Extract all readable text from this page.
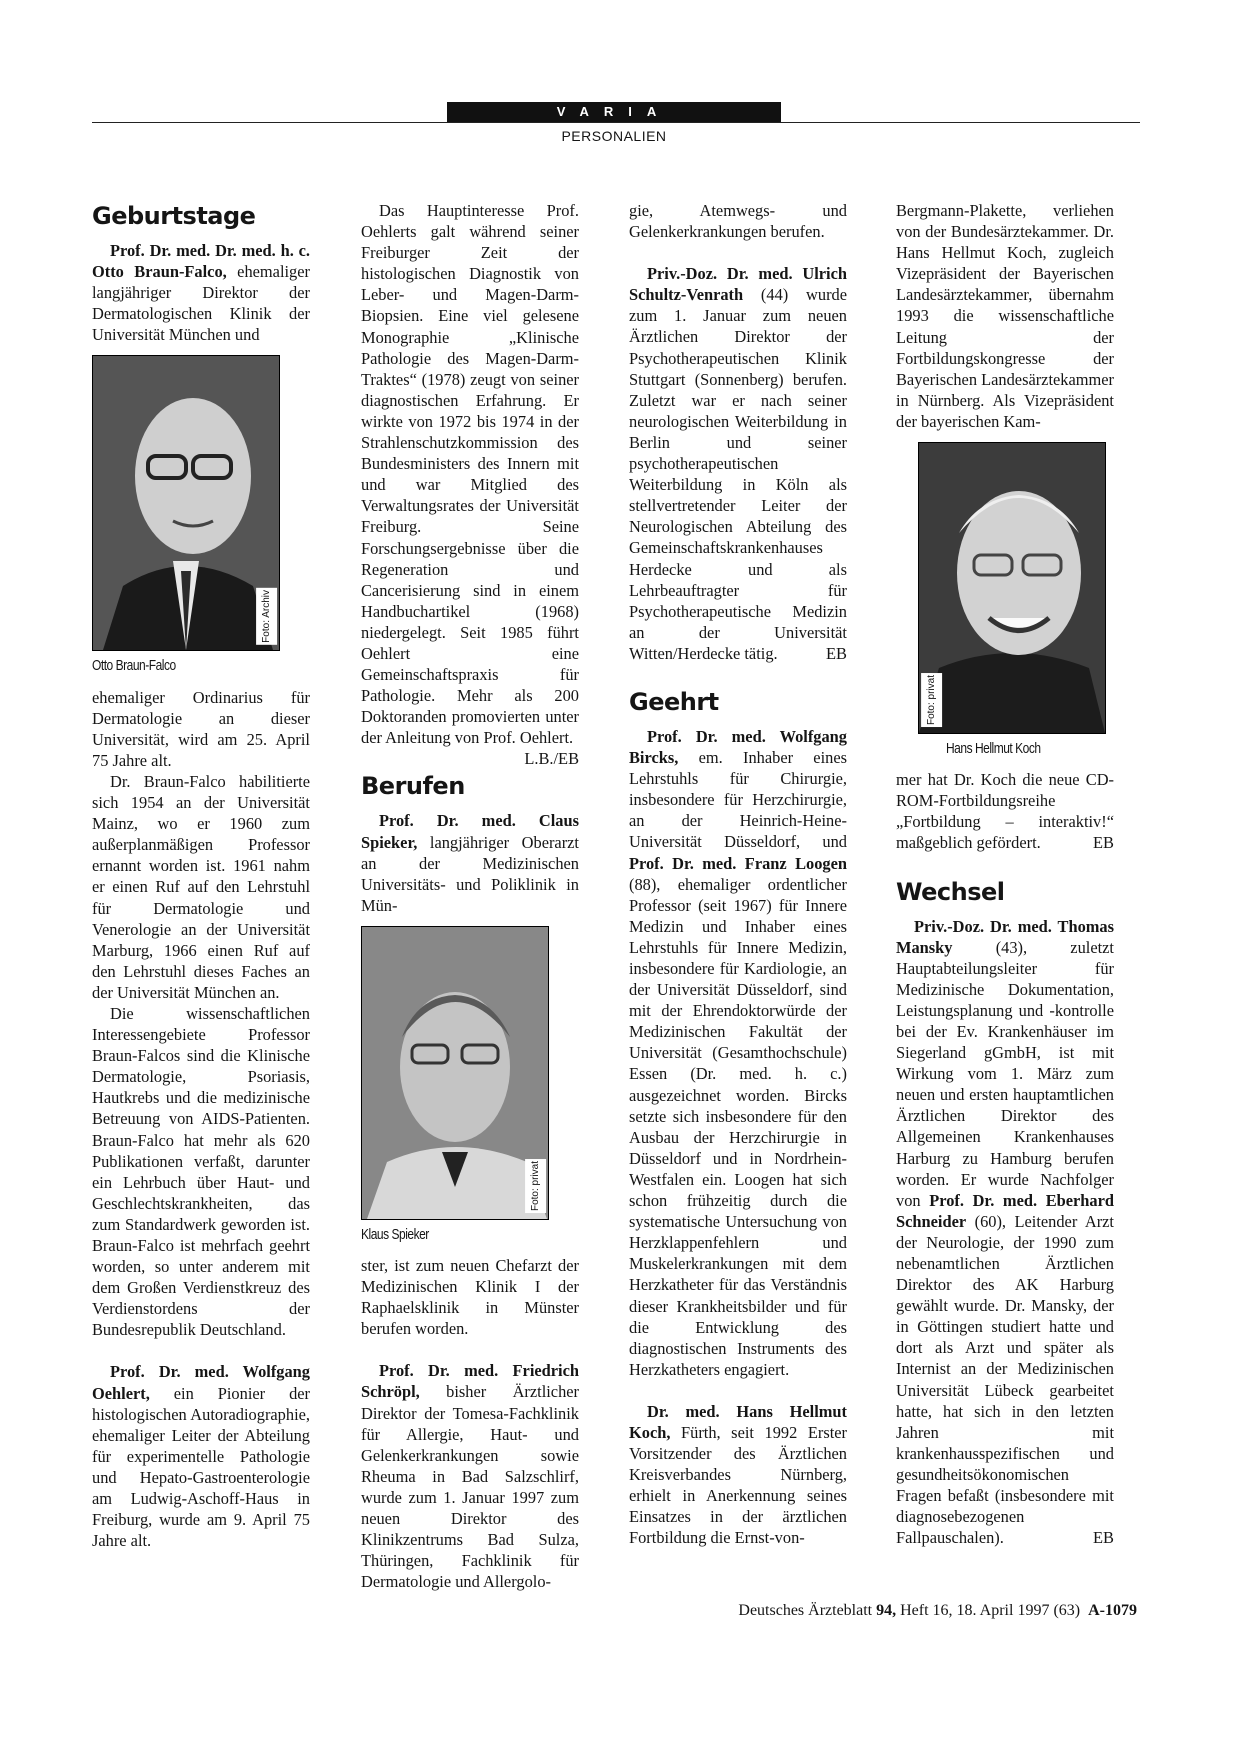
VARIA
PERSONALIEN
Geburtstage

Prof. Dr. med. Dr. med. h. c. Otto Braun-Falco, ehemaliger langjähriger Direktor der Dermatologischen Klinik der Universität München und

Foto: Archiv
Otto Braun-Falco

ehemaliger Ordinarius für Dermatologie an dieser Universität, wird am 25. April 75 Jahre alt.

Dr. Braun-Falco habilitierte sich 1954 an der Universität Mainz, wo er 1960 zum außerplanmäßigen Professor ernannt worden ist. 1961 nahm er einen Ruf auf den Lehrstuhl für Dermatologie und Venerologie an der Universität Marburg, 1966 einen Ruf auf den Lehrstuhl dieses Faches an der Universität München an.

Die wissenschaftlichen Interessengebiete Professor Braun-Falcos sind die Klinische Dermatologie, Psoriasis, Hautkrebs und die medizinische Betreuung von AIDS-Patienten. Braun-Falco hat mehr als 620 Publikationen verfaßt, darunter ein Lehrbuch über Haut- und Geschlechtskrankheiten, das zum Standardwerk geworden ist. Braun-Falco ist mehrfach geehrt worden, so unter anderem mit dem Großen Verdienstkreuz des Verdienstordens der Bundesrepublik Deutschland.

Prof. Dr. med. Wolfgang Oehlert, ein Pionier der histologischen Autoradiographie, ehemaliger Leiter der Abteilung für experimentelle Pathologie und Hepato-Gastroenterologie am Ludwig-Aschoff-Haus in Freiburg, wurde am 9. April 75 Jahre alt.

Das Hauptinteresse Prof. Oehlerts galt während seiner Freiburger Zeit der histologischen Diagnostik von Leber- und Magen-Darm-Biopsien. Eine viel gelesene Monographie „Klinische Pathologie des Magen-Darm-Traktes“ (1978) zeugt von seiner diagnostischen Erfahrung. Er wirkte von 1972 bis 1974 in der Strahlenschutzkommission des Bundesministers des Innern mit und war Mitglied des Verwaltungsrates der Universität Freiburg. Seine Forschungsergebnisse über die Regeneration und Cancerisierung sind in einem Handbuchartikel (1968) niedergelegt. Seit 1985 führt Oehlert eine Gemeinschaftspraxis für Pathologie. Mehr als 200 Doktoranden promovierten unter der Anleitung von Prof. Oehlert.
L.B./EB

Berufen

Prof. Dr. med. Claus Spieker, langjähriger Oberarzt an der Medizinischen Universitäts- und Poliklinik in Mün-

Foto: privat
Klaus Spieker

ster, ist zum neuen Chefarzt der Medizinischen Klinik I der Raphaelsklinik in Münster berufen worden.

Prof. Dr. med. Friedrich Schröpl, bisher Ärztlicher Direktor der Tomesa-Fachklinik für Allergie, Haut- und Gelenkerkrankungen sowie Rheuma in Bad Salzschlirf, wurde zum 1. Januar 1997 zum neuen Direktor des Klinikzentrums Bad Sulza, Thüringen, Fachklinik für Dermatologie und Allergolo-

gie, Atemwegs- und Gelenkerkrankungen berufen.

Priv.-Doz. Dr. med. Ulrich Schultz-Venrath (44) wurde zum 1. Januar zum neuen Ärztlichen Direktor der Psychotherapeutischen Klinik Stuttgart (Sonnenberg) berufen. Zuletzt war er nach seiner neurologischen Weiterbildung in Berlin und seiner psychotherapeutischen Weiterbildung in Köln als stellvertretender Leiter der Neurologischen Abteilung des Gemeinschaftskrankenhauses Herdecke und als Lehrbeauftragter für Psychotherapeutische Medizin an der Universität Witten/Herdecke tätig.	EB

Geehrt

Prof. Dr. med. Wolfgang Bircks, em. Inhaber eines Lehrstuhls für Chirurgie, insbesondere für Herzchirurgie, an der Heinrich-Heine-Universität Düsseldorf, und Prof. Dr. med. Franz Loogen (88), ehemaliger ordentlicher Professor (seit 1967) für Innere Medizin und Inhaber eines Lehrstuhls für Innere Medizin, insbesondere für Kardiologie, an der Universität Düsseldorf, sind mit der Ehrendoktorwürde der Medizinischen Fakultät der Universität (Gesamthochschule) Essen (Dr. med. h. c.) ausgezeichnet worden. Bircks setzte sich insbesondere für den Ausbau der Herzchirurgie in Düsseldorf und in Nordrhein-Westfalen ein. Loogen hat sich schon frühzeitig durch die systematische Untersuchung von Herzklappenfehlern und Muskelerkrankungen mit dem Herzkatheter für das Verständnis dieser Krankheitsbilder und für die Entwicklung des diagnostischen Instruments des Herzkatheters engagiert.

Dr. med. Hans Hellmut Koch, Fürth, seit 1992 Erster Vorsitzender des Ärztlichen Kreisverbandes Nürnberg, erhielt in Anerkennung seines Einsatzes in der ärztlichen Fortbildung die Ernst-von-

Bergmann-Plakette, verliehen von der Bundesärztekammer. Dr. Hans Hellmut Koch, zugleich Vizepräsident der Bayerischen Landesärztekammer, übernahm 1993 die wissenschaftliche Leitung der Fortbildungskongresse der Bayerischen Landesärztekammer in Nürnberg. Als Vizepräsident der bayerischen Kam-

Foto: privat
Hans Hellmut Koch

mer hat Dr. Koch die neue CD-ROM-Fortbildungsreihe „Fortbildung – interaktiv!“ maßgeblich gefördert.	EB

Wechsel

Priv.-Doz. Dr. med. Thomas Mansky (43), zuletzt Hauptabteilungsleiter für Medizinische Dokumentation, Leistungsplanung und -kontrolle bei der Ev. Krankenhäuser im Siegerland gGmbH, ist mit Wirkung vom 1. März zum neuen und ersten hauptamtlichen Ärztlichen Direktor des Allgemeinen Krankenhauses Harburg zu Hamburg berufen worden. Er wurde Nachfolger von Prof. Dr. med. Eberhard Schneider (60), Leitender Arzt der Neurologie, der 1990 zum nebenamtlichen Ärztlichen Direktor des AK Harburg gewählt wurde. Dr. Mansky, der in Göttingen studiert hatte und dort als Arzt und später als Internist an der Medizinischen Universität Lübeck gearbeitet hatte, hat sich in den letzten Jahren mit krankenhausspezifischen und gesundheitsökonomischen Fragen befaßt (insbesondere mit diagnosebezogenen Fallpauschalen).	EB

Deutsches Ärzteblatt 94, Heft 16, 18. April 1997 (63)  A-1079
